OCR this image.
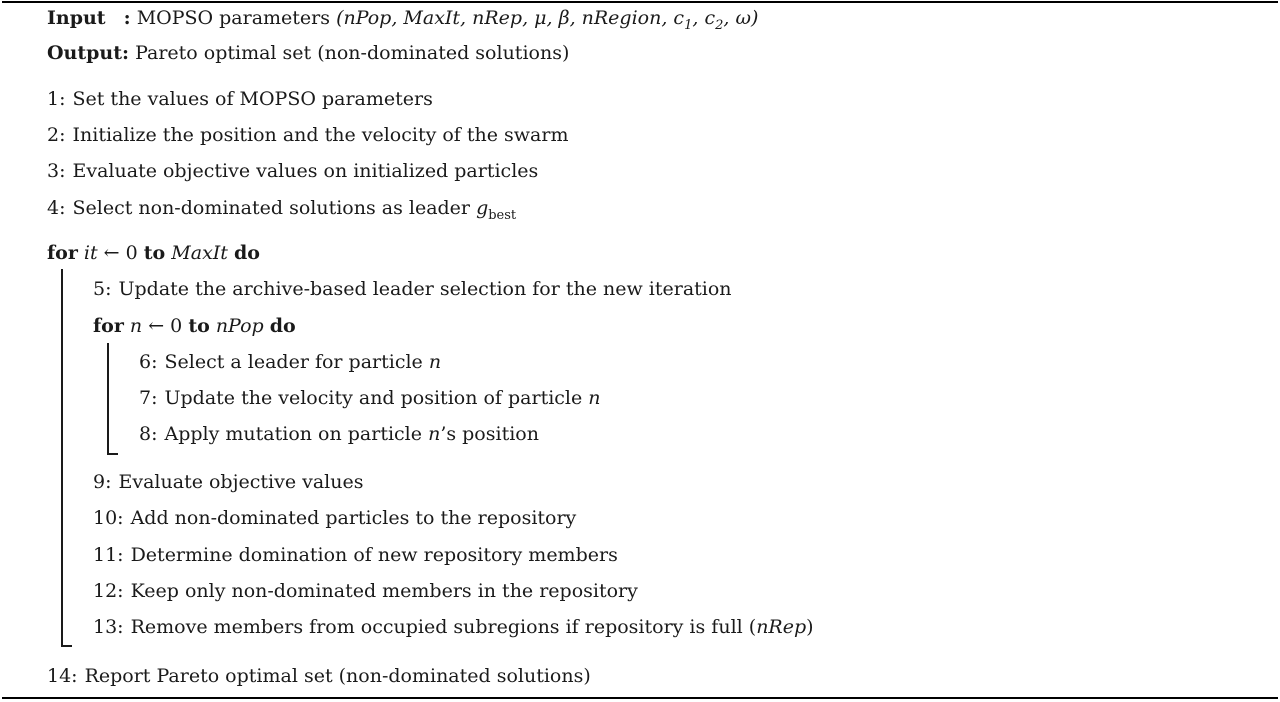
Input : MOPSO parameters (nPop, MaxIt, nRep, μ, β, nRegion, $c_1$, $c_2$, ω)
Output: Pareto optimal set (non-dominated solutions)
1: Set the values of MOPSO parameters
2: Initialize the position and the velocity of the swarm
3: Evaluate objective values on initialized particles
4: Select non-dominated solutions as leader $g_{best}$
for it ← 0 to MaxIt do
5: Update the archive-based leader selection for the new iteration
for n ← 0 to nPop do
6: Select a leader for particle n
7: Update the velocity and position of particle n
8: Apply mutation on particle n’s position
9: Evaluate objective values
10: Add non-dominated particles to the repository
11: Determine domination of new repository members
12: Keep only non-dominated members in the repository
13: Remove members from occupied subregions if repository is full (nRep)
14: Report Pareto optimal set (non-dominated solutions)
